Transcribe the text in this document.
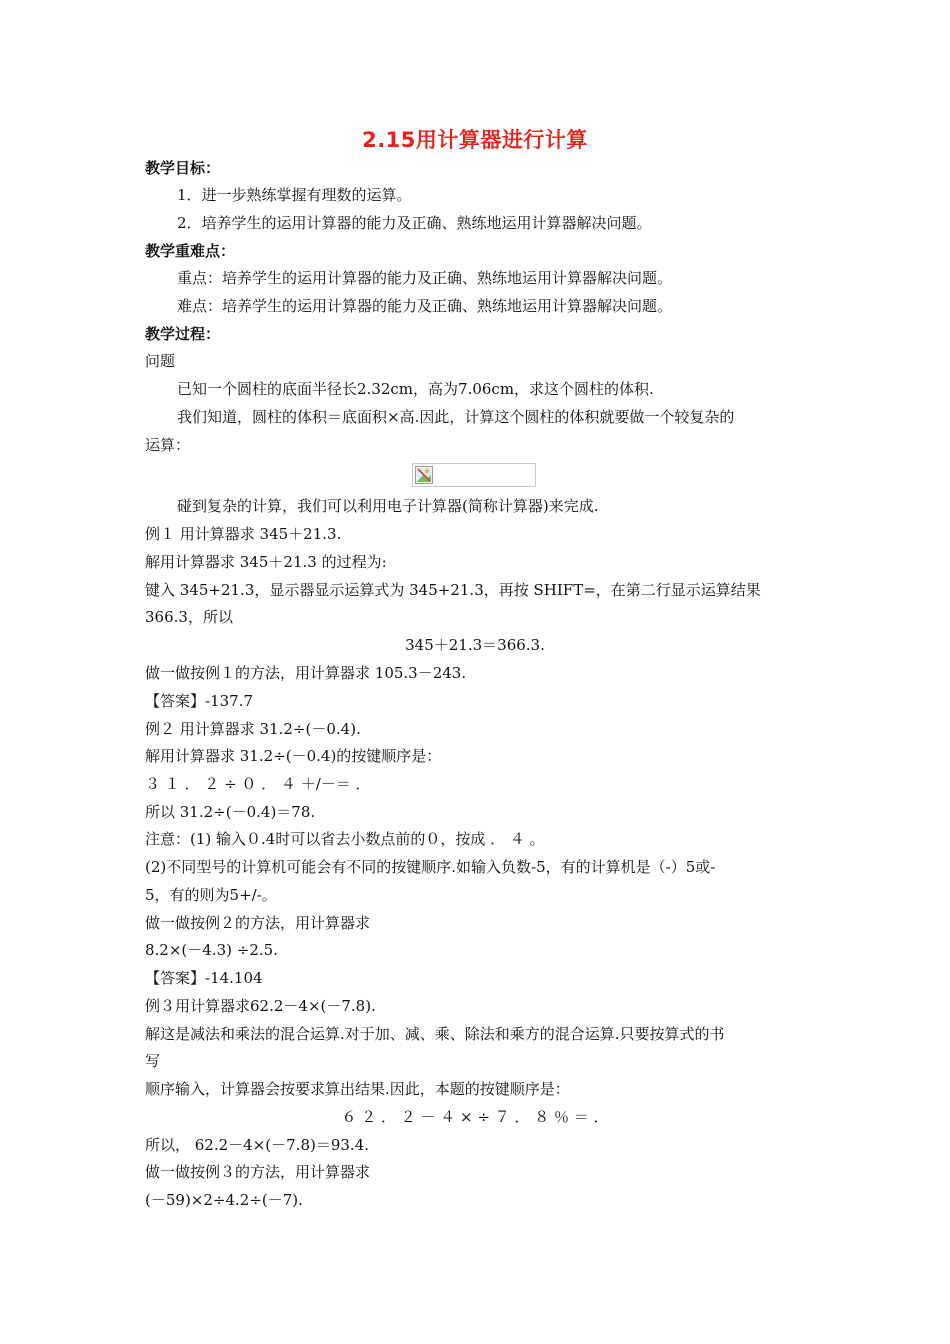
2.15用计算器进行计算
教学目标：
1．进一步熟练掌握有理数的运算。
2．培养学生的运用计算器的能力及正确、熟练地运用计算器解决问题。
教学重难点：
重点：培养学生的运用计算器的能力及正确、熟练地运用计算器解决问题。
难点：培养学生的运用计算器的能力及正确、熟练地运用计算器解决问题。
教学过程：
问题
已知一个圆柱的底面半径长2.32cm，高为7.06cm，求这个圆柱的体积.
我们知道，圆柱的体积＝底面积×高.因此，计算这个圆柱的体积就要做一个较复杂的
运算：
碰到复杂的计算，我们可以利用电子计算器(简称计算器)来完成.
例１ 用计算器求 345＋21.3.
解用计算器求 345＋21.3 的过程为:
键入 345+21.3，显示器显示运算式为 345+21.3，再按 SHIFT=，在第二行显示运算结果
366.3，所以
345＋21.3＝366.3.
做一做按例１的方法，用计算器求 105.3－243.
【答案】-137.7
例２ 用计算器求 31.2÷(－0.4).
解用计算器求 31.2÷(－0.4)的按键顺序是：
３ １ ． ２ ÷ ０ ． ４ ＋/－＝ ．
所以 31.2÷(－0.4)＝78.
注意：(1) 输入０.4时可以省去小数点前的０，按成 ． ４ 。
(2)不同型号的计算机可能会有不同的按键顺序.如输入负数-5，有的计算机是（-）5或-
5，有的则为5+/-。
做一做按例２的方法，用计算器求
8.2×(－4.3) ÷2.5.
【答案】-14.104
例３用计算器求62.2－4×(－7.8).
解这是减法和乘法的混合运算.对于加、减、乘、除法和乘方的混合运算.只要按算式的书
写
顺序输入，计算器会按要求算出结果.因此，本题的按键顺序是：
６ ２ ． ２ － ４ × ÷ ７ ． ８ ％ ＝ ．
所以， 62.2－4×(－7.8)＝93.4.
做一做按例３的方法，用计算器求
(－59)×2÷4.2÷(－7).
